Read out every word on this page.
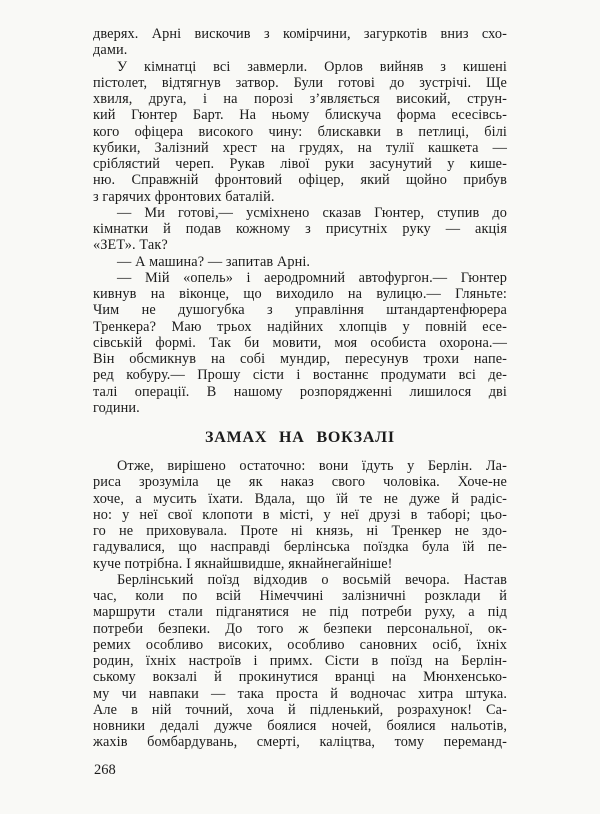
дверях. Арні вискочив з комірчини, загуркотів вниз схо-
дами.
У кімнатці всі завмерли. Орлов вийняв з кишені
пістолет, відтягнув затвор. Були готові до зустрічі. Ще
хвиля, друга, і на порозі з’являється високий, струн-
кий Гюнтер Барт. На ньому блискуча форма есесівсь-
кого офіцера високого чину: блискавки в петлиці, білі
кубики, Залізний хрест на грудях, на тулії кашкета —
сріблястий череп. Рукав лівої руки засунутий у кише-
ню. Справжній фронтовий офіцер, який щойно прибув
з гарячих фронтових баталій.
— Ми готові,— усміхнено сказав Гюнтер, ступив до
кімнатки й подав кожному з присутніх руку — акція
«ЗЕТ». Так?
— А машина? — запитав Арні.
— Мій «опель» і аеродромний автофургон.— Гюнтер
кивнув на віконце, що виходило на вулицю.— Гляньте:
Чим не душогубка з управління штандартенфюрера
Тренкера? Маю трьох надійних хлопців у повній есе-
сівській формі. Так би мовити, моя особиста охорона.—
Він обсмикнув на собі мундир, пересунув трохи напе-
ред кобуру.— Прошу сісти і востаннє продумати всі де-
талі операції. В нашому розпорядженні лишилося дві
години.
ЗАМАХ НА ВОКЗАЛІ
Отже, вирішено остаточно: вони їдуть у Берлін. Ла-
риса зрозуміла це як наказ свого чоловіка. Хоче-не
хоче, а мусить їхати. Вдала, що їй те не дуже й радіс-
но: у неї свої клопоти в місті, у неї друзі в таборі; цьо-
го не приховувала. Проте ні князь, ні Тренкер не здо-
гадувалися, що насправді берлінська поїздка була їй пе-
куче потрібна. І якнайшвидше, якнайнегайніше!
Берлінський поїзд відходив о восьмій вечора. Настав
час, коли по всій Німеччині залізничні розклади й
маршрути стали підганятися не під потреби руху, а під
потреби безпеки. До того ж безпеки персональної, ок-
ремих особливо високих, особливо сановних осіб, їхніх
родин, їхніх настроїв і примх. Сісти в поїзд на Берлін-
ському вокзалі й прокинутися вранці на Мюнхенсько-
му чи навпаки — така проста й водночас хитра штука.
Але в ній точний, хоча й підленький, розрахунок! Са-
новники дедалі дужче боялися ночей, боялися нальотів,
жахів бомбардувань, смерті, каліцтва, тому переманд-
268
